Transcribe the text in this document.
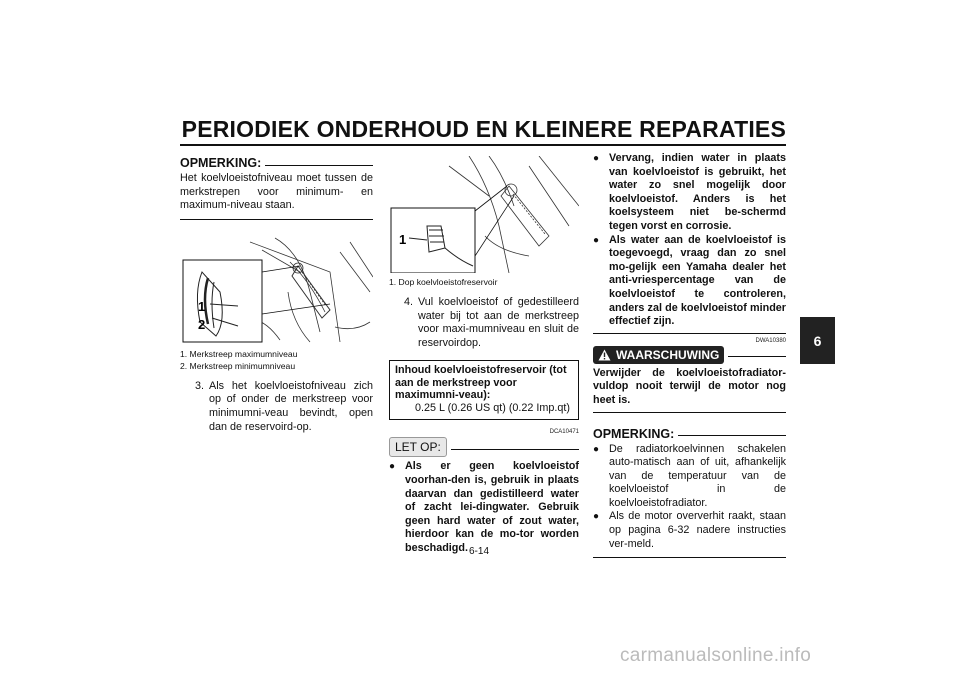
PERIODIEK ONDERHOUD EN KLEINERE REPARATIES
OPMERKING:
Het koelvloeistofniveau moet tussen de merkstrepen voor minimum- en maximum-niveau staan.
1
2
1. Merkstreep maximumniveau
2. Merkstreep minimumniveau
3. Als het koelvloeistofniveau zich op of onder de merkstreep voor minimumni-veau bevindt, open dan de reservoird-op.
1
1. Dop koelvloeistofreservoir
4. Vul koelvloeistof of gedestilleerd water bij tot aan de merkstreep voor maxi-mumniveau en sluit de reservoirdop.
Inhoud koelvloeistofreservoir (tot aan de merkstreep voor maximumni-veau):
0.25 L (0.26 US qt) (0.22 Imp.qt)
DCA10471
LET OP:
● Als er geen koelvloeistof voorhan-den is, gebruik in plaats daarvan dan gedistilleerd water of zacht lei-dingwater. Gebruik geen hard water of zout water, hierdoor kan de mo-tor worden beschadigd.
● Vervang, indien water in plaats van koelvloeistof is gebruikt, het water zo snel mogelijk door koelvloeistof. Anders is het koelsysteem niet be-schermd tegen vorst en corrosie.
● Als water aan de koelvloeistof is toegevoegd, vraag dan zo snel mo-gelijk een Yamaha dealer het anti-vriespercentage van de koelvloeistof te controleren, anders zal de koelvloeistof minder effectief zijn.
DWA10380
WAARSCHUWING
Verwijder de koelvloeistofradiator-vuldop nooit terwijl de motor nog heet is.
OPMERKING:
● De radiatorkoelvinnen schakelen auto-matisch aan of uit, afhankelijk van de temperatuur van de koelvloeistof in de koelvloeistofradiator.
● Als de motor oververhit raakt, staan op pagina 6-32 nadere instructies ver-meld.
6
6-14
carmanualsonline.info
